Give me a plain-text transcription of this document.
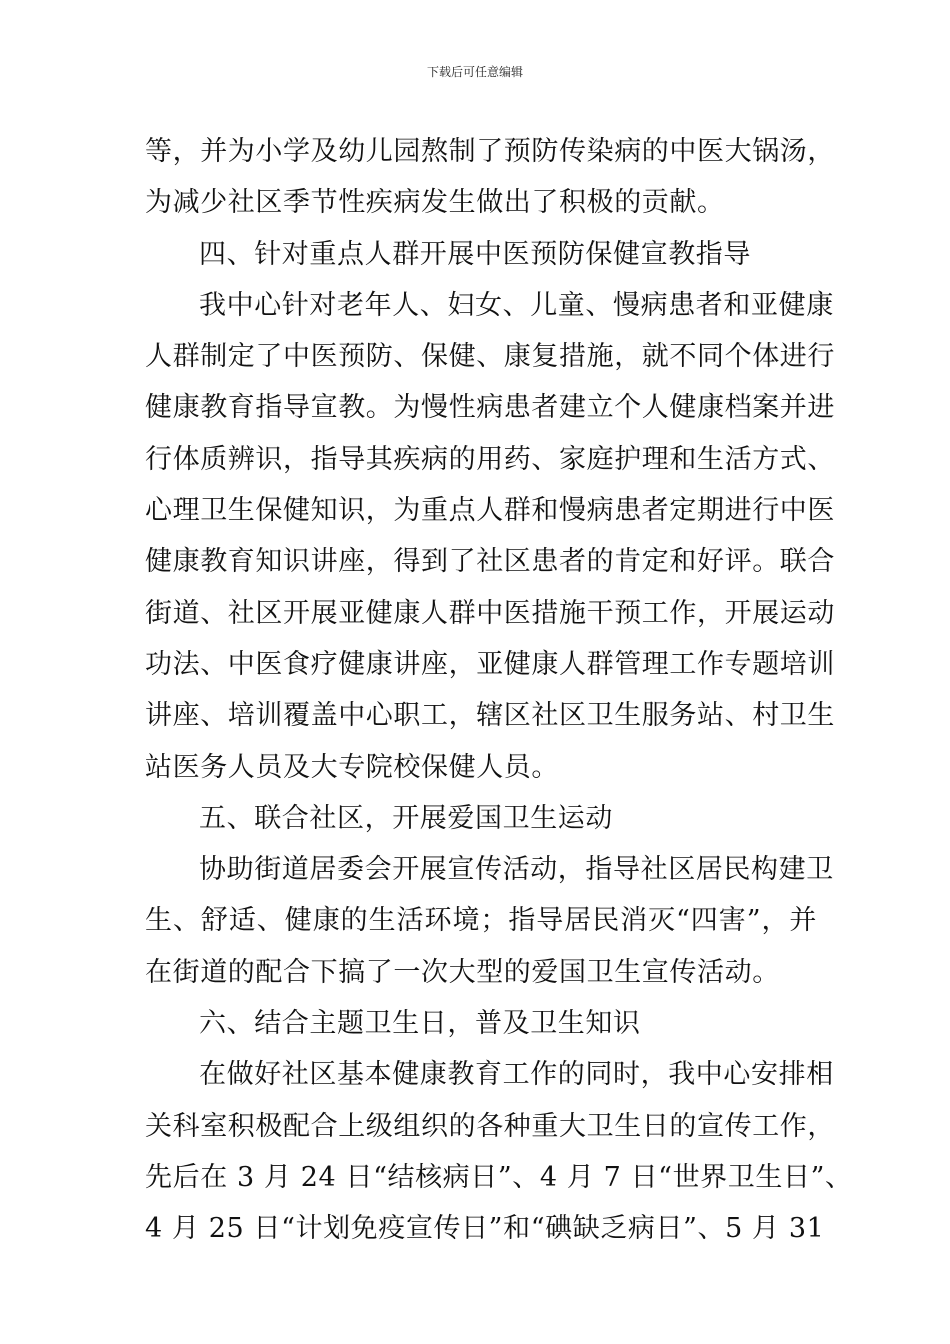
下载后可任意编辑
等，并为小学及幼儿园熬制了预防传染病的中医大锅汤，
为减少社区季节性疾病发生做出了积极的贡献。
四、针对重点人群开展中医预防保健宣教指导
我中心针对老年人、妇女、儿童、慢病患者和亚健康
人群制定了中医预防、保健、康复措施，就不同个体进行
健康教育指导宣教。为慢性病患者建立个人健康档案并进
行体质辨识，指导其疾病的用药、家庭护理和生活方式、
心理卫生保健知识，为重点人群和慢病患者定期进行中医
健康教育知识讲座，得到了社区患者的肯定和好评。联合
街道、社区开展亚健康人群中医措施干预工作，开展运动
功法、中医食疗健康讲座，亚健康人群管理工作专题培训
讲座、培训覆盖中心职工，辖区社区卫生服务站、村卫生
站医务人员及大专院校保健人员。
五、联合社区，开展爱国卫生运动
协助街道居委会开展宣传活动，指导社区居民构建卫
生、舒适、健康的生活环境；指导居民消灭“四害”，并
在街道的配合下搞了一次大型的爱国卫生宣传活动。
六、结合主题卫生日，普及卫生知识
在做好社区基本健康教育工作的同时，我中心安排相
关科室积极配合上级组织的各种重大卫生日的宣传工作，
先后在 3 月 24 日“结核病日”、4 月 7 日“世界卫生日”、
4 月 25 日“计划免疫宣传日”和“碘缺乏病日”、5 月 31
